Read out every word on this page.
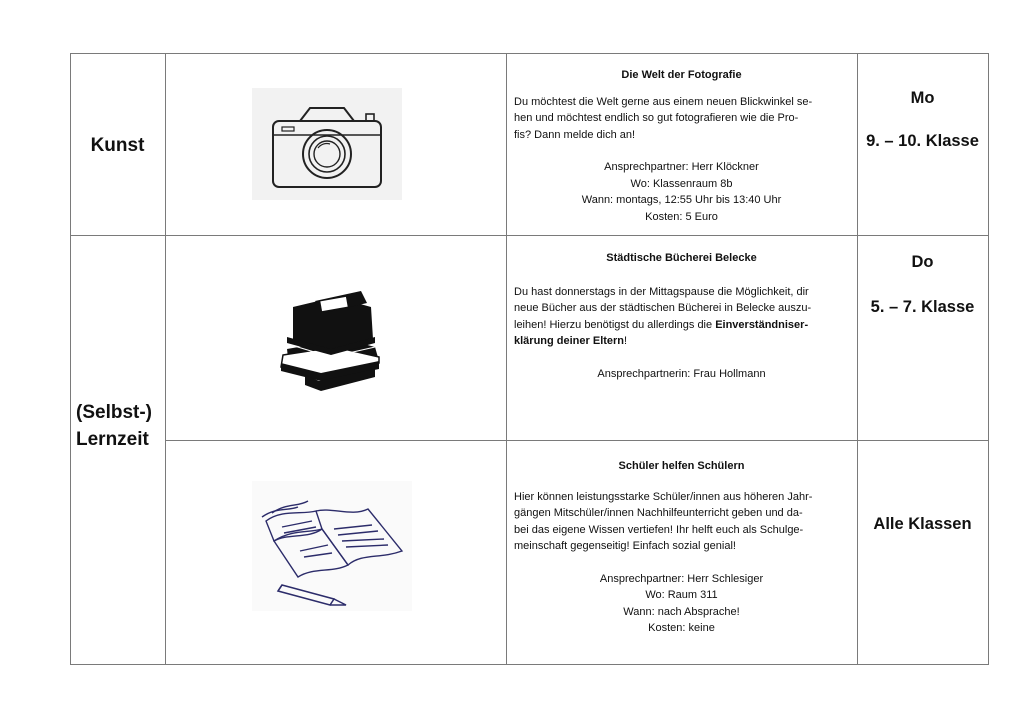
Kunst
Die Welt der Fotografie
Du möchtest die Welt gerne aus einem neuen Blickwinkel se-
hen und möchtest endlich so gut fotografieren wie die Pro-
fis? Dann melde dich an!
Ansprechpartner: Herr Klöckner
Wo: Klassenraum 8b
Wann: montags, 12:55 Uhr bis 13:40 Uhr
Kosten: 5 Euro
Mo
9. – 10. Klasse
(Selbst-)
Lernzeit
Städtische Bücherei Belecke
Du hast donnerstags in der Mittagspause die Möglichkeit, dir
neue Bücher aus der städtischen Bücherei in Belecke auszu-
leihen! Hierzu benötigst du allerdings die Einverständniser-
klärung deiner Eltern!
Ansprechpartnerin: Frau Hollmann
Do
5. – 7. Klasse
Schüler helfen Schülern
Hier können leistungsstarke Schüler/innen aus höheren Jahr-
gängen Mitschüler/innen Nachhilfeunterricht geben und da-
bei das eigene Wissen vertiefen! Ihr helft euch als Schulge-
meinschaft gegenseitig! Einfach sozial genial!
Ansprechpartner: Herr Schlesiger
Wo: Raum 311
Wann: nach Absprache!
Kosten: keine
Alle Klassen
